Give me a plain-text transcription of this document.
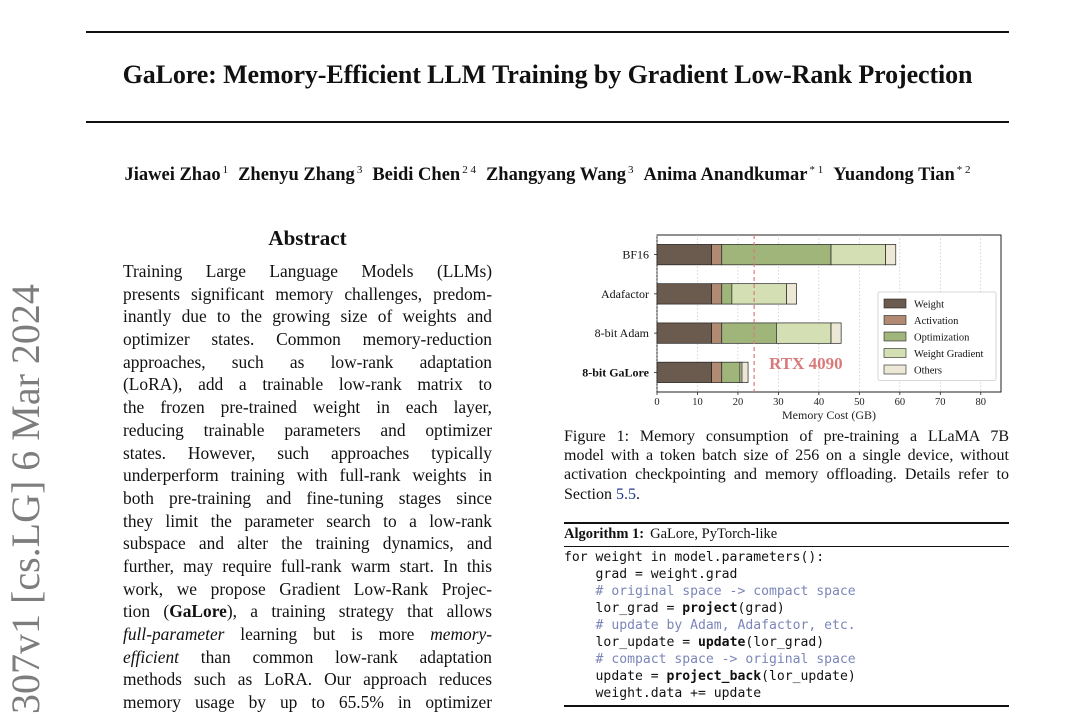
GaLore: Memory-Efficient LLM Training by Gradient Low-Rank Projection
Jiawei Zhao $^1$ Zhenyu Zhang $^3$ Beidi Chen $^{2 4}$ Zhangyang Wang $^3$ Anima Anandkumar $^{* 1}$ Yuandong Tian $^{* 2}$
307v1 [cs.LG] 6 Mar 2024
Abstract
Training Large Language Models (LLMs)
presents significant memory challenges, predom-
inantly due to the growing size of weights and
optimizer states. Common memory-reduction
approaches, such as low-rank adaptation
(LoRA), add a trainable low-rank matrix to
the frozen pre-trained weight in each layer,
reducing trainable parameters and optimizer
states. However, such approaches typically
underperform training with full-rank weights in
both pre-training and fine-tuning stages since
they limit the parameter search to a low-rank
subspace and alter the training dynamics, and
further, may require full-rank warm start. In this
work, we propose Gradient Low-Rank Projec-
tion (GaLore), a training strategy that allows
full-parameter learning but is more memory-
efficient than common low-rank adaptation
methods such as LoRA. Our approach reduces
memory usage by up to 65.5% in optimizer
0	10	20	30	40	50	60	70	80
Memory Cost (GB)
BF16
Adafactor
8-bit Adam
8-bit GaLore	RTX 4090
Weight
Activation
Optimization
Weight Gradient
Others
Figure 1: Memory consumption of pre-training a LLaMA 7B
model with a token batch size of 256 on a single device, without
activation checkpointing and memory offloading. Details refer to
Section 5.5.
Algorithm 1: GaLore, PyTorch-like
for weight in model.parameters():
grad = weight.grad
# original space -> compact space
lor_grad = project(grad)
# update by Adam, Adafactor, etc.
lor_update = update(lor_grad)
# compact space -> original space
update = project_back(lor_update)
weight.data += update
